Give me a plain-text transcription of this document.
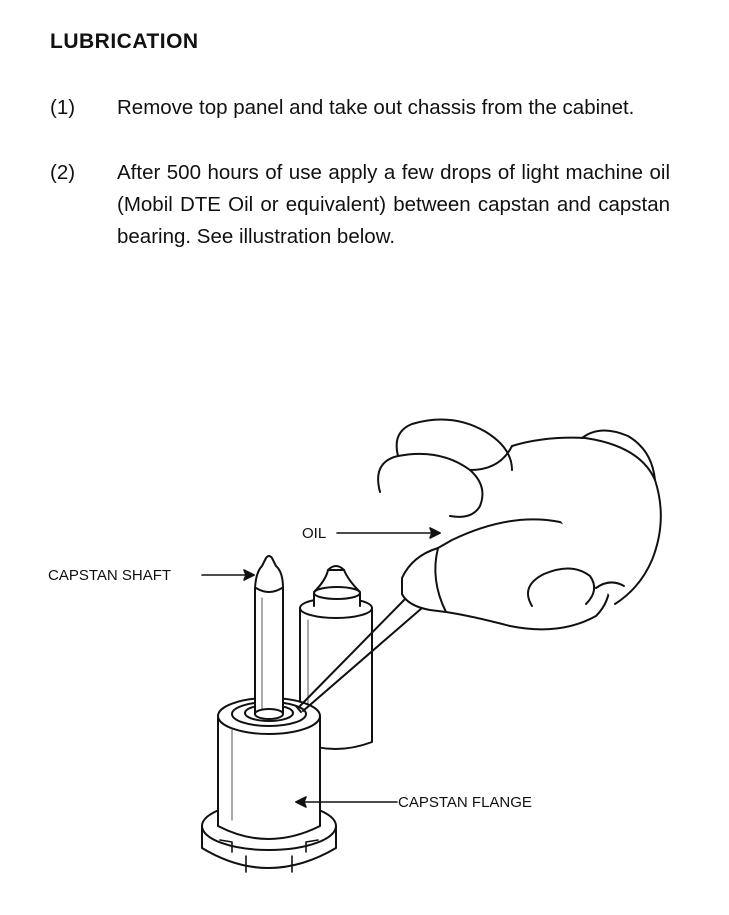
LUBRICATION
(1)	Remove top panel and take out chassis from the cabinet.
(2)	After 500 hours of use apply a few drops of light machine oil (Mobil DTE Oil or equivalent) between capstan and capstan bearing. See illustration below.
OIL
CAPSTAN SHAFT
CAPSTAN FLANGE
